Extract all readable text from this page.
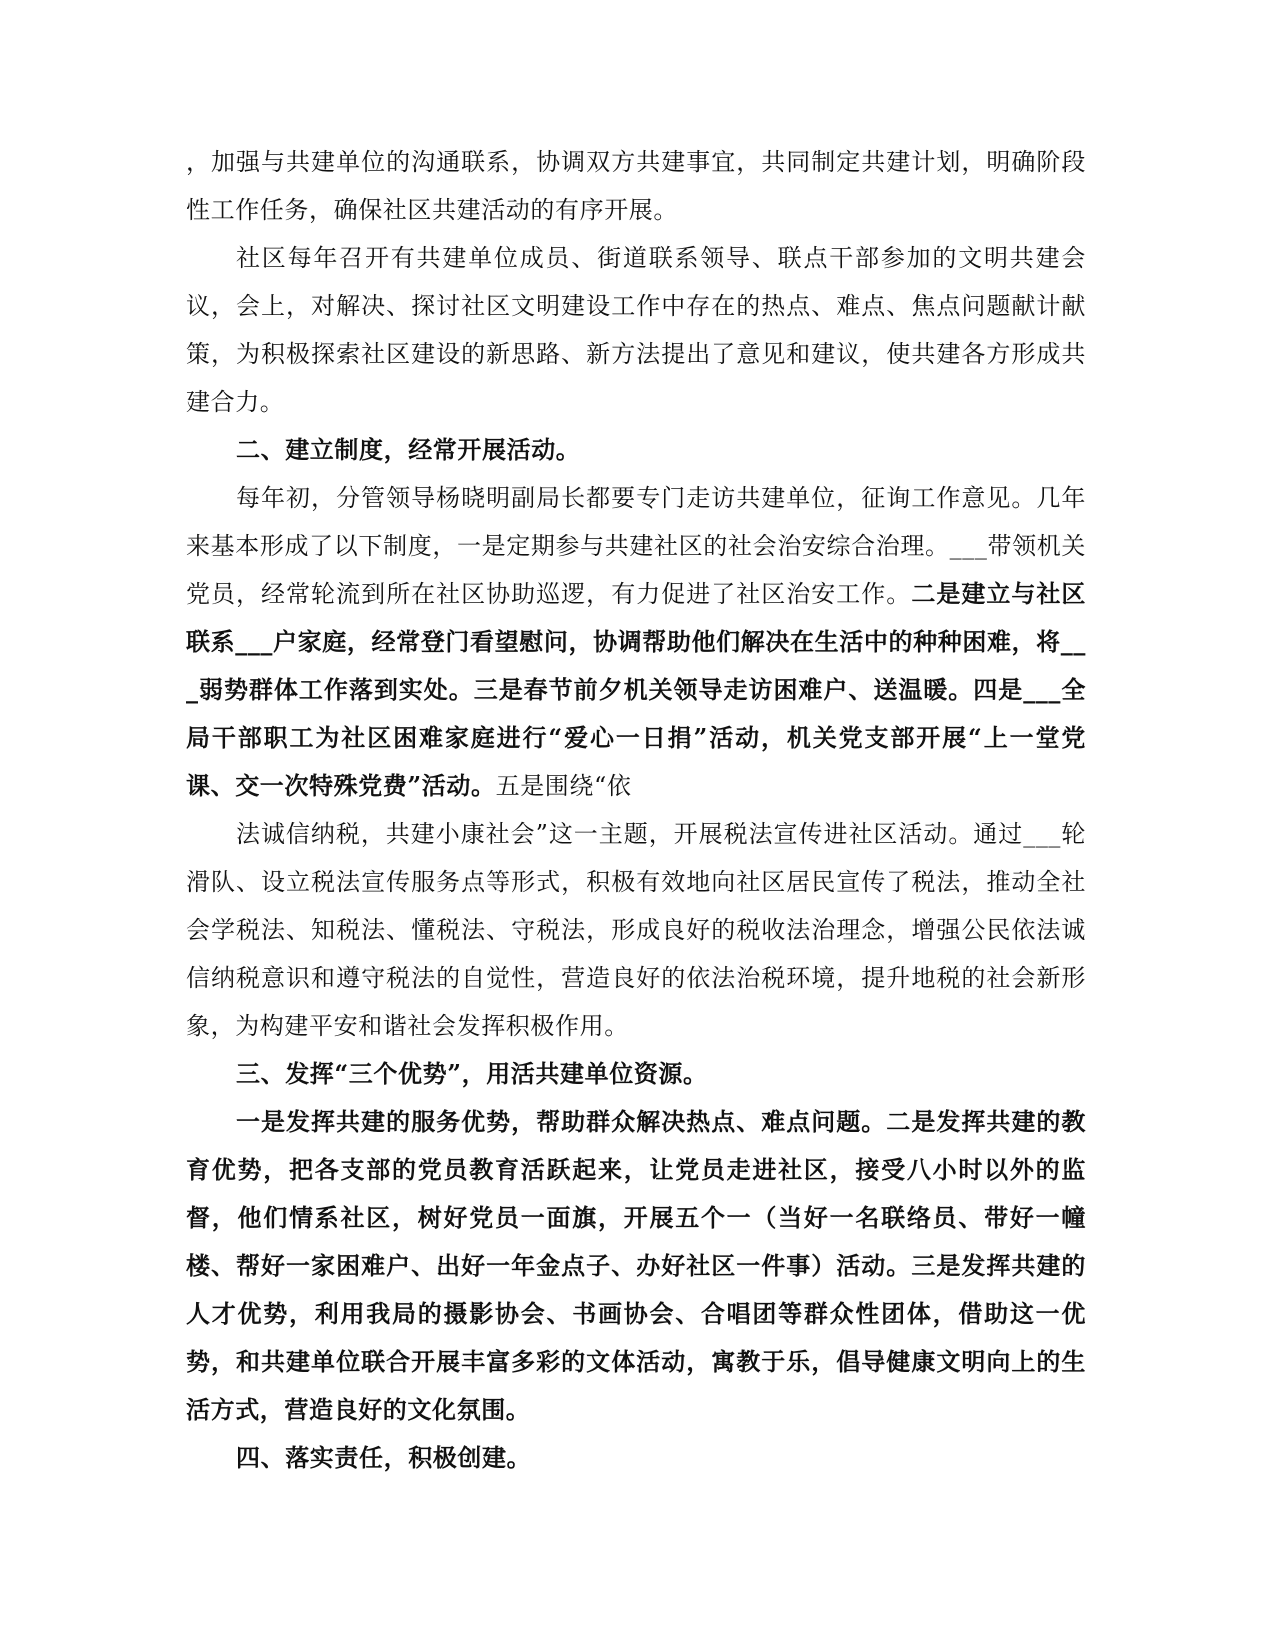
，加强与共建单位的沟通联系，协调双方共建事宜，共同制定共建计划，明确阶段性工作任务，确保社区共建活动的有序开展。

社区每年召开有共建单位成员、街道联系领导、联点干部参加的文明共建会议，会上，对解决、探讨社区文明建设工作中存在的热点、难点、焦点问题献计献策，为积极探索社区建设的新思路、新方法提出了意见和建议，使共建各方形成共建合力。

二、建立制度，经常开展活动。

每年初，分管领导杨晓明副局长都要专门走访共建单位，征询工作意见。几年来基本形成了以下制度，一是定期参与共建社区的社会治安综合治理。___带领机关党员，经常轮流到所在社区协助巡逻，有力促进了社区治安工作。二是建立与社区联系___户家庭，经常登门看望慰问，协调帮助他们解决在生活中的种种困难，将___弱势群体工作落到实处。三是春节前夕机关领导走访困难户、送温暖。四是___全局干部职工为社区困难家庭进行“爱心一日捐”活动，机关党支部开展“上一堂党课、交一次特殊党费”活动。五是围绕“依

法诚信纳税，共建小康社会”这一主题，开展税法宣传进社区活动。通过___轮滑队、设立税法宣传服务点等形式，积极有效地向社区居民宣传了税法，推动全社会学税法、知税法、懂税法、守税法，形成良好的税收法治理念，增强公民依法诚信纳税意识和遵守税法的自觉性，营造良好的依法治税环境，提升地税的社会新形象，为构建平安和谐社会发挥积极作用。

三、发挥“三个优势”，用活共建单位资源。

一是发挥共建的服务优势，帮助群众解决热点、难点问题。二是发挥共建的教育优势，把各支部的党员教育活跃起来，让党员走进社区，接受八小时以外的监督，他们情系社区，树好党员一面旗，开展五个一（当好一名联络员、带好一幢楼、帮好一家困难户、出好一年金点子、办好社区一件事）活动。三是发挥共建的人才优势，利用我局的摄影协会、书画协会、合唱团等群众性团体，借助这一优势，和共建单位联合开展丰富多彩的文体活动，寓教于乐，倡导健康文明向上的生活方式，营造良好的文化氛围。

四、落实责任，积极创建。
